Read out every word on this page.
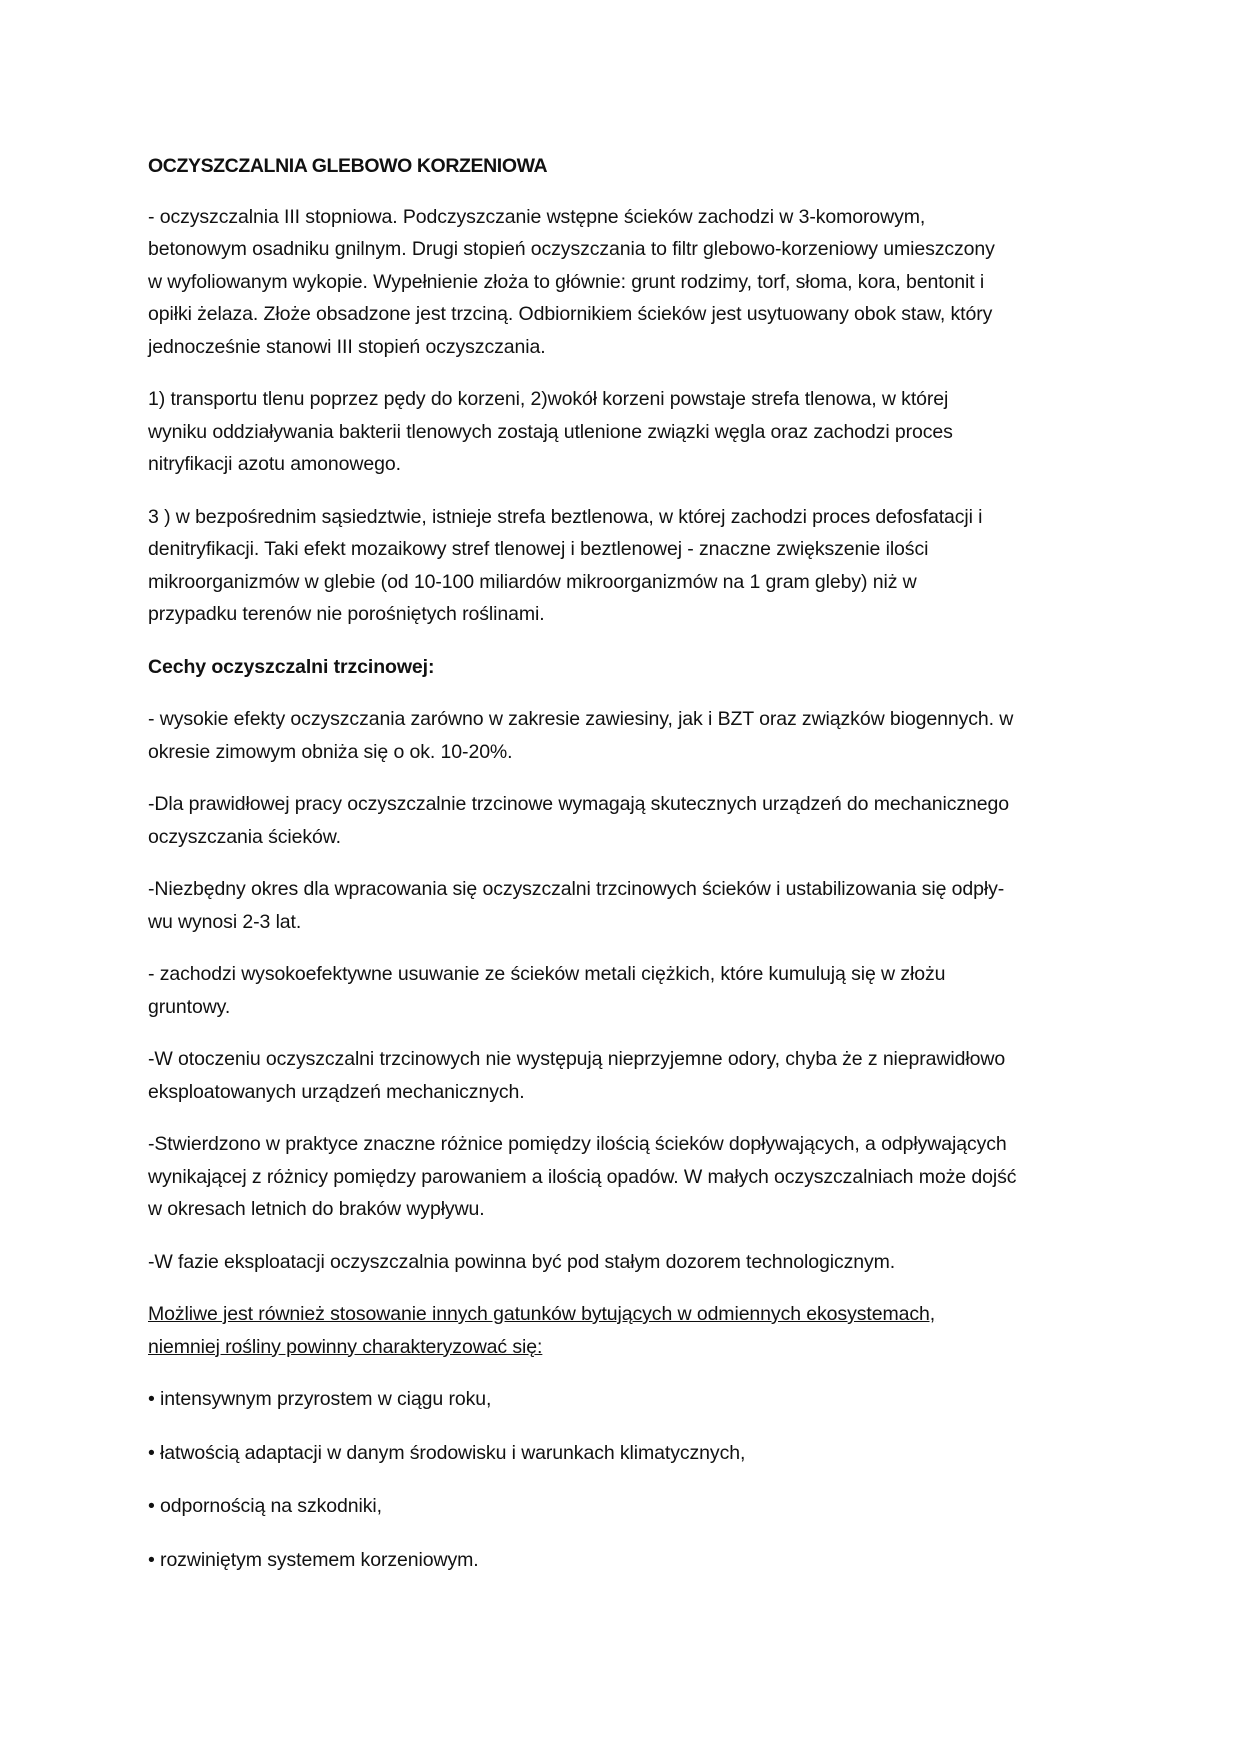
OCZYSZCZALNIA GLEBOWO KORZENIOWA

- oczyszczalnia III stopniowa. Podczyszczanie wstępne ścieków zachodzi w 3-komorowym,
betonowym osadniku gnilnym. Drugi stopień oczyszczania to filtr glebowo-korzeniowy umieszczony
w wyfoliowanym wykopie. Wypełnienie złoża to głównie: grunt rodzimy, torf, słoma, kora, bentonit i
opiłki żelaza. Złoże obsadzone jest trzciną. Odbiornikiem ścieków jest usytuowany obok staw, który
jednocześnie stanowi III stopień oczyszczania.

1) transportu tlenu poprzez pędy do korzeni, 2)wokół korzeni powstaje strefa tlenowa, w której
wyniku oddziaływania bakterii tlenowych zostają utlenione związki węgla oraz zachodzi proces
nitryfikacji azotu amonowego.

3 ) w bezpośrednim sąsiedztwie, istnieje strefa beztlenowa, w której zachodzi proces defosfatacji i
denitryfikacji. Taki efekt mozaikowy stref tlenowej i beztlenowej - znaczne zwiększenie ilości
mikroorganizmów w glebie (od 10-100 miliardów mikroorganizmów na 1 gram gleby) niż w
przypadku terenów nie porośniętych roślinami.

Cechy oczyszczalni trzcinowej:

- wysokie efekty oczyszczania zarówno w zakresie zawiesiny, jak i BZT oraz związków biogennych. w
okresie zimowym obniża się o ok. 10-20%.

-Dla prawidłowej pracy oczyszczalnie trzcinowe wymagają skutecznych urządzeń do mechanicznego
oczyszczania ścieków.

-Niezbędny okres dla wpracowania się oczyszczalni trzcinowych ścieków i ustabilizowania się odpły-
wu wynosi 2-3 lat.

- zachodzi wysokoefektywne usuwanie ze ścieków metali ciężkich, które kumulują się w złożu
gruntowy.

-W otoczeniu oczyszczalni trzcinowych nie występują nieprzyjemne odory, chyba że z nieprawidłowo
eksploatowanych urządzeń mechanicznych.

-Stwierdzono w praktyce znaczne różnice pomiędzy ilością ścieków dopływających, a odpływających
wynikającej z różnicy pomiędzy parowaniem a ilością opadów. W małych oczyszczalniach może dojść
w okresach letnich do braków wypływu.

-W fazie eksploatacji oczyszczalnia powinna być pod stałym dozorem technologicznym.

Możliwe jest również stosowanie innych gatunków bytujących w odmiennych ekosystemach,
niemniej rośliny powinny charakteryzować się:

• intensywnym przyrostem w ciągu roku,

• łatwością adaptacji w danym środowisku i warunkach klimatycznych,

• odpornością na szkodniki,

• rozwiniętym systemem korzeniowym.
